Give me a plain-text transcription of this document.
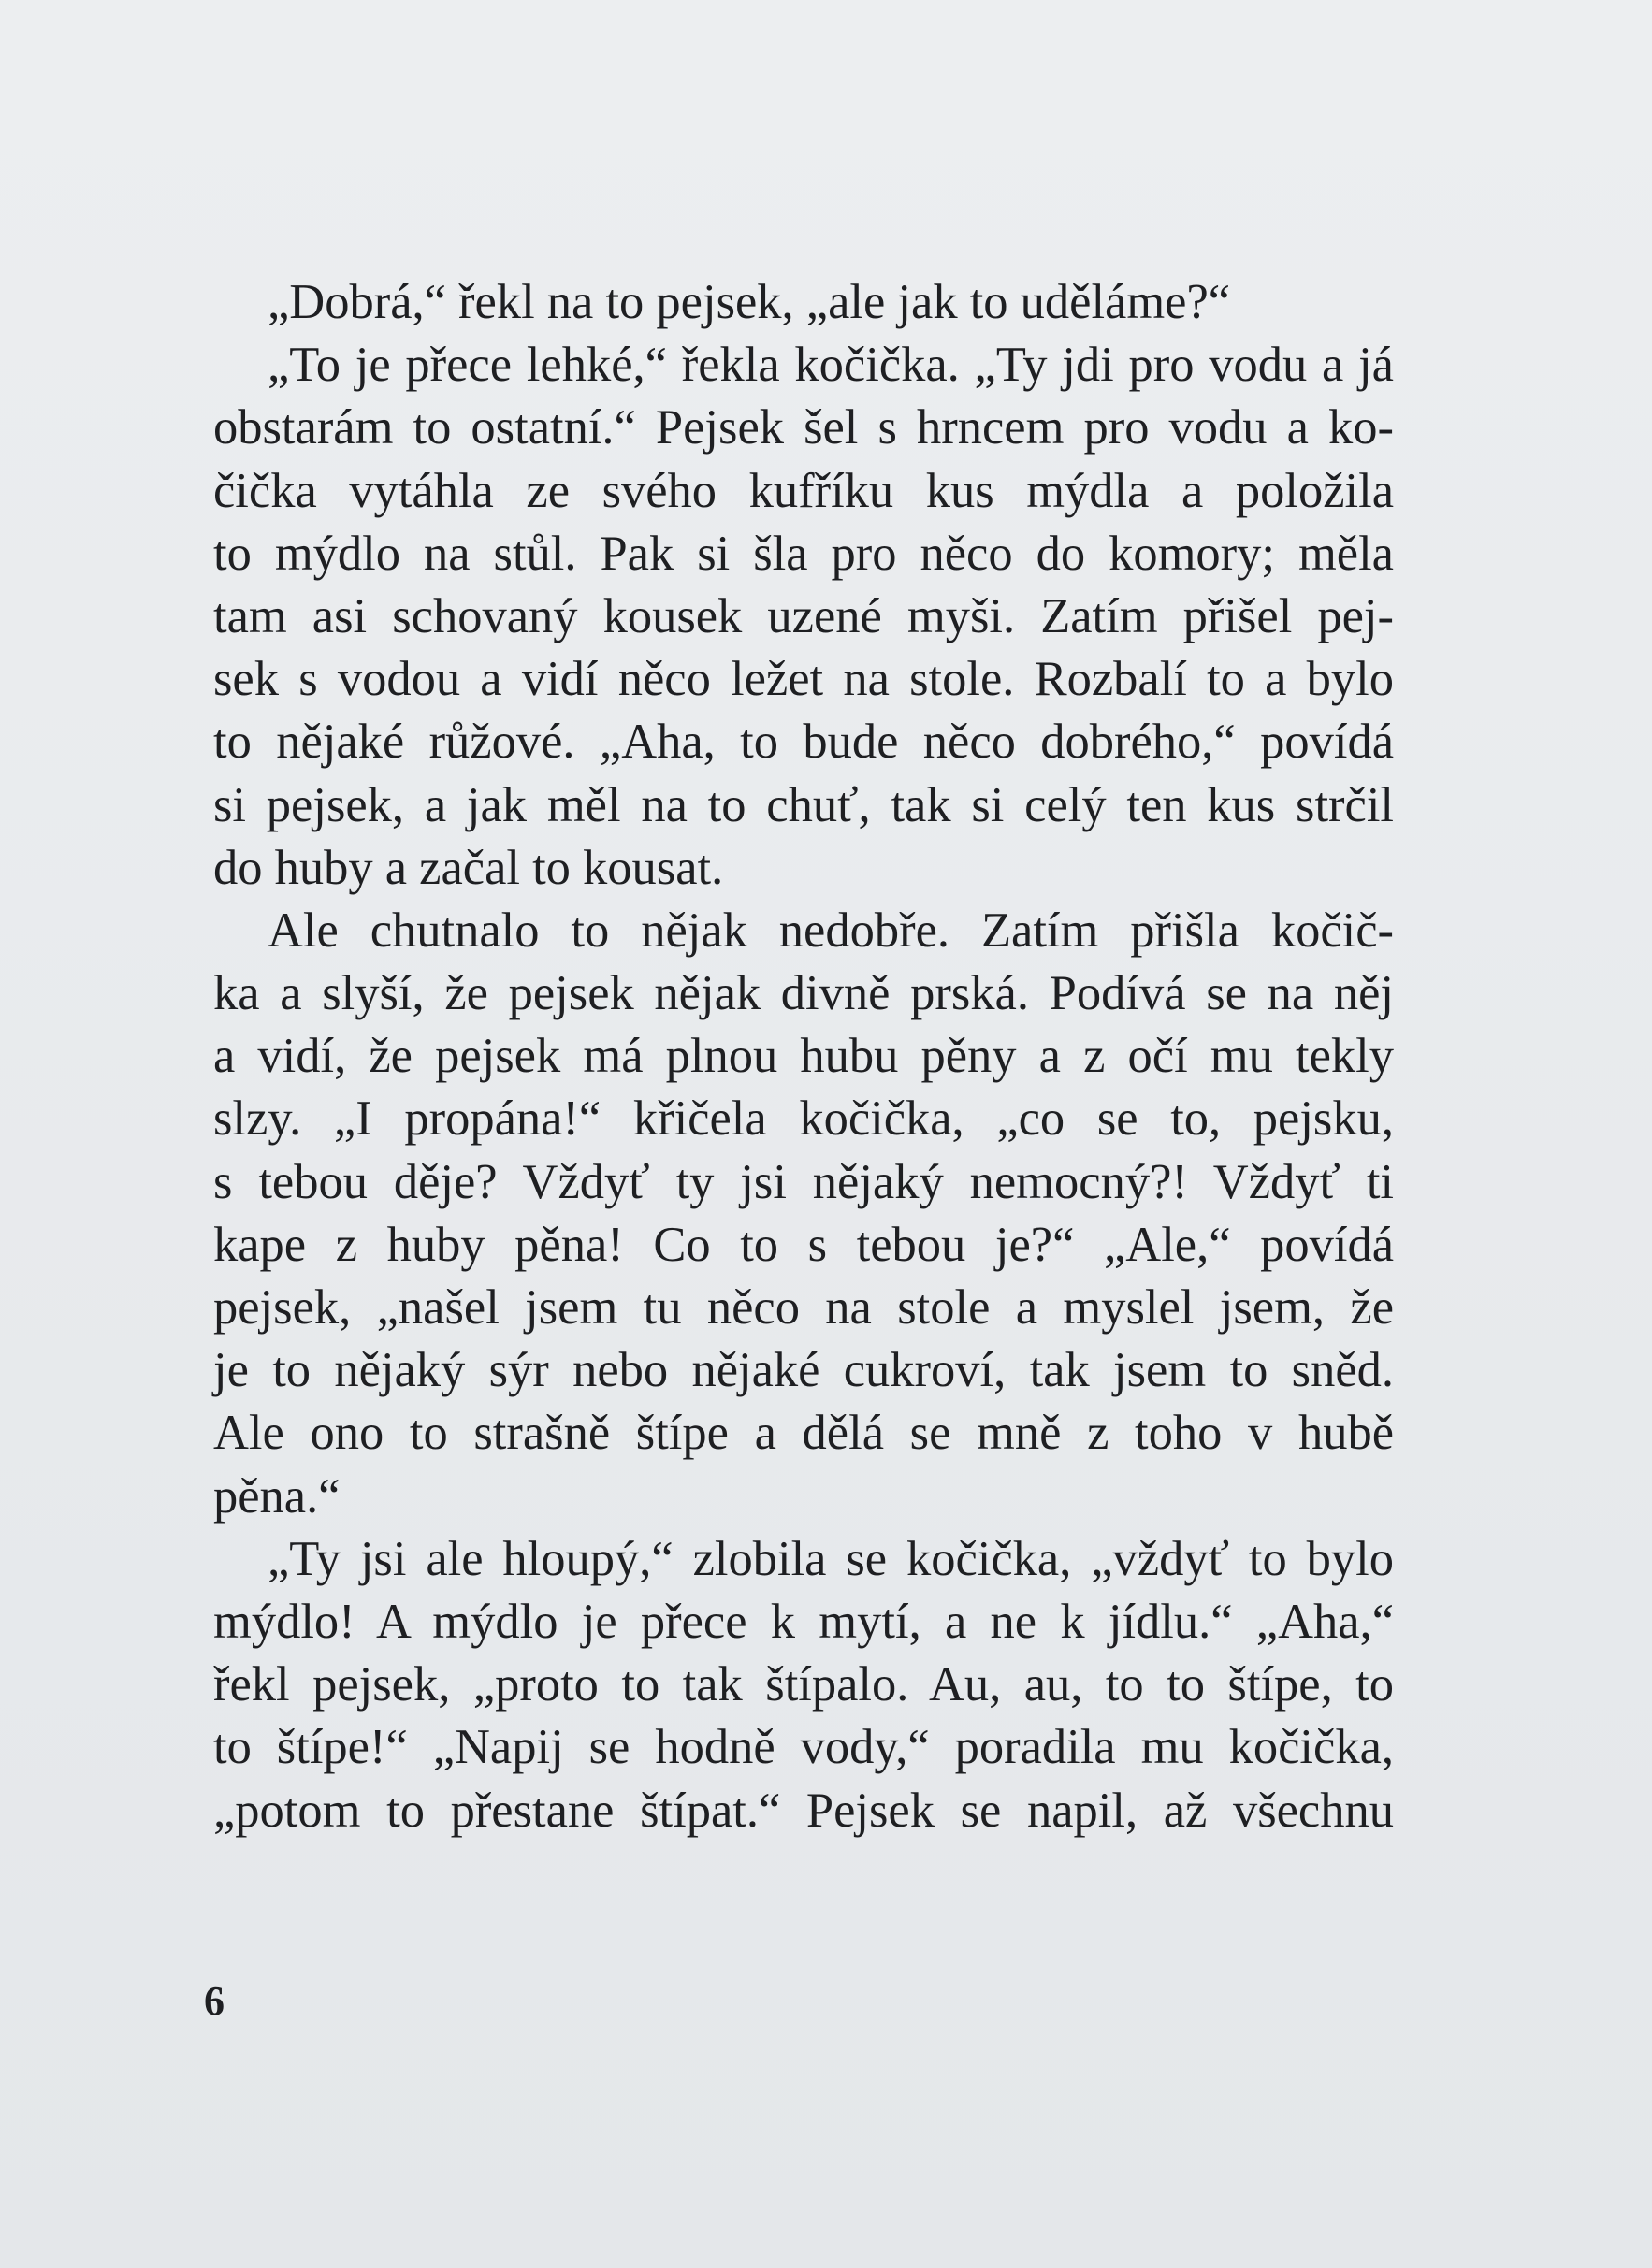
„Dobrá,“ řekl na to pejsek, „ale jak to uděláme?“
„To je přece lehké,“ řekla kočička. „Ty jdi pro vodu a já
obstarám to ostatní.“ Pejsek šel s hrncem pro vodu a ko-
čička vytáhla ze svého kufříku kus mýdla a položila
to mýdlo na stůl. Pak si šla pro něco do komory; měla
tam asi schovaný kousek uzené myši. Zatím přišel pej-
sek s vodou a vidí něco ležet na stole. Rozbalí to a bylo
to nějaké růžové. „Aha, to bude něco dobrého,“ povídá
si pejsek, a jak měl na to chuť, tak si celý ten kus strčil
do huby a začal to kousat.
Ale chutnalo to nějak nedobře. Zatím přišla kočič-
ka a slyší, že pejsek nějak divně prská. Podívá se na něj
a vidí, že pejsek má plnou hubu pěny a z očí mu tekly
slzy. „I propána!“ křičela kočička, „co se to, pejsku,
s tebou děje? Vždyť ty jsi nějaký nemocný?! Vždyť ti
kape z huby pěna! Co to s tebou je?“ „Ale,“ povídá
pejsek, „našel jsem tu něco na stole a myslel jsem, že
je to nějaký sýr nebo nějaké cukroví, tak jsem to sněd.
Ale ono to strašně štípe a dělá se mně z toho v hubě
pěna.“
„Ty jsi ale hloupý,“ zlobila se kočička, „vždyť to bylo
mýdlo! A mýdlo je přece k mytí, a ne k jídlu.“ „Aha,“
řekl pejsek, „proto to tak štípalo. Au, au, to to štípe, to
to štípe!“ „Napij se hodně vody,“ poradila mu kočička,
„potom to přestane štípat.“ Pejsek se napil, až všechnu
6
